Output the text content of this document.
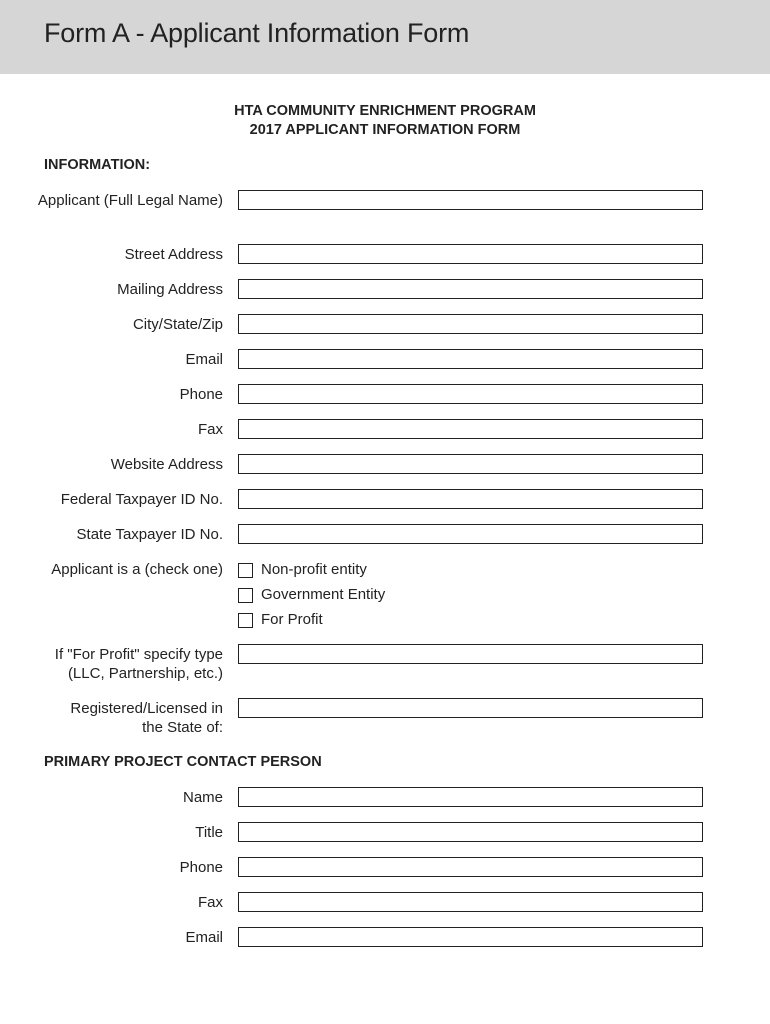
Form A - Applicant Information Form
HTA COMMUNITY ENRICHMENT PROGRAM
2017 APPLICANT INFORMATION FORM
INFORMATION:
Applicant (Full Legal Name)
Street Address
Mailing Address
City/State/Zip
Email
Phone
Fax
Website Address
Federal Taxpayer ID No.
State Taxpayer ID No.
Applicant is a (check one)	Non-profit entity
Government Entity
For Profit
If "For Profit" specify type (LLC, Partnership, etc.)
Registered/Licensed in the State of:
PRIMARY PROJECT CONTACT PERSON
Name
Title
Phone
Fax
Email
